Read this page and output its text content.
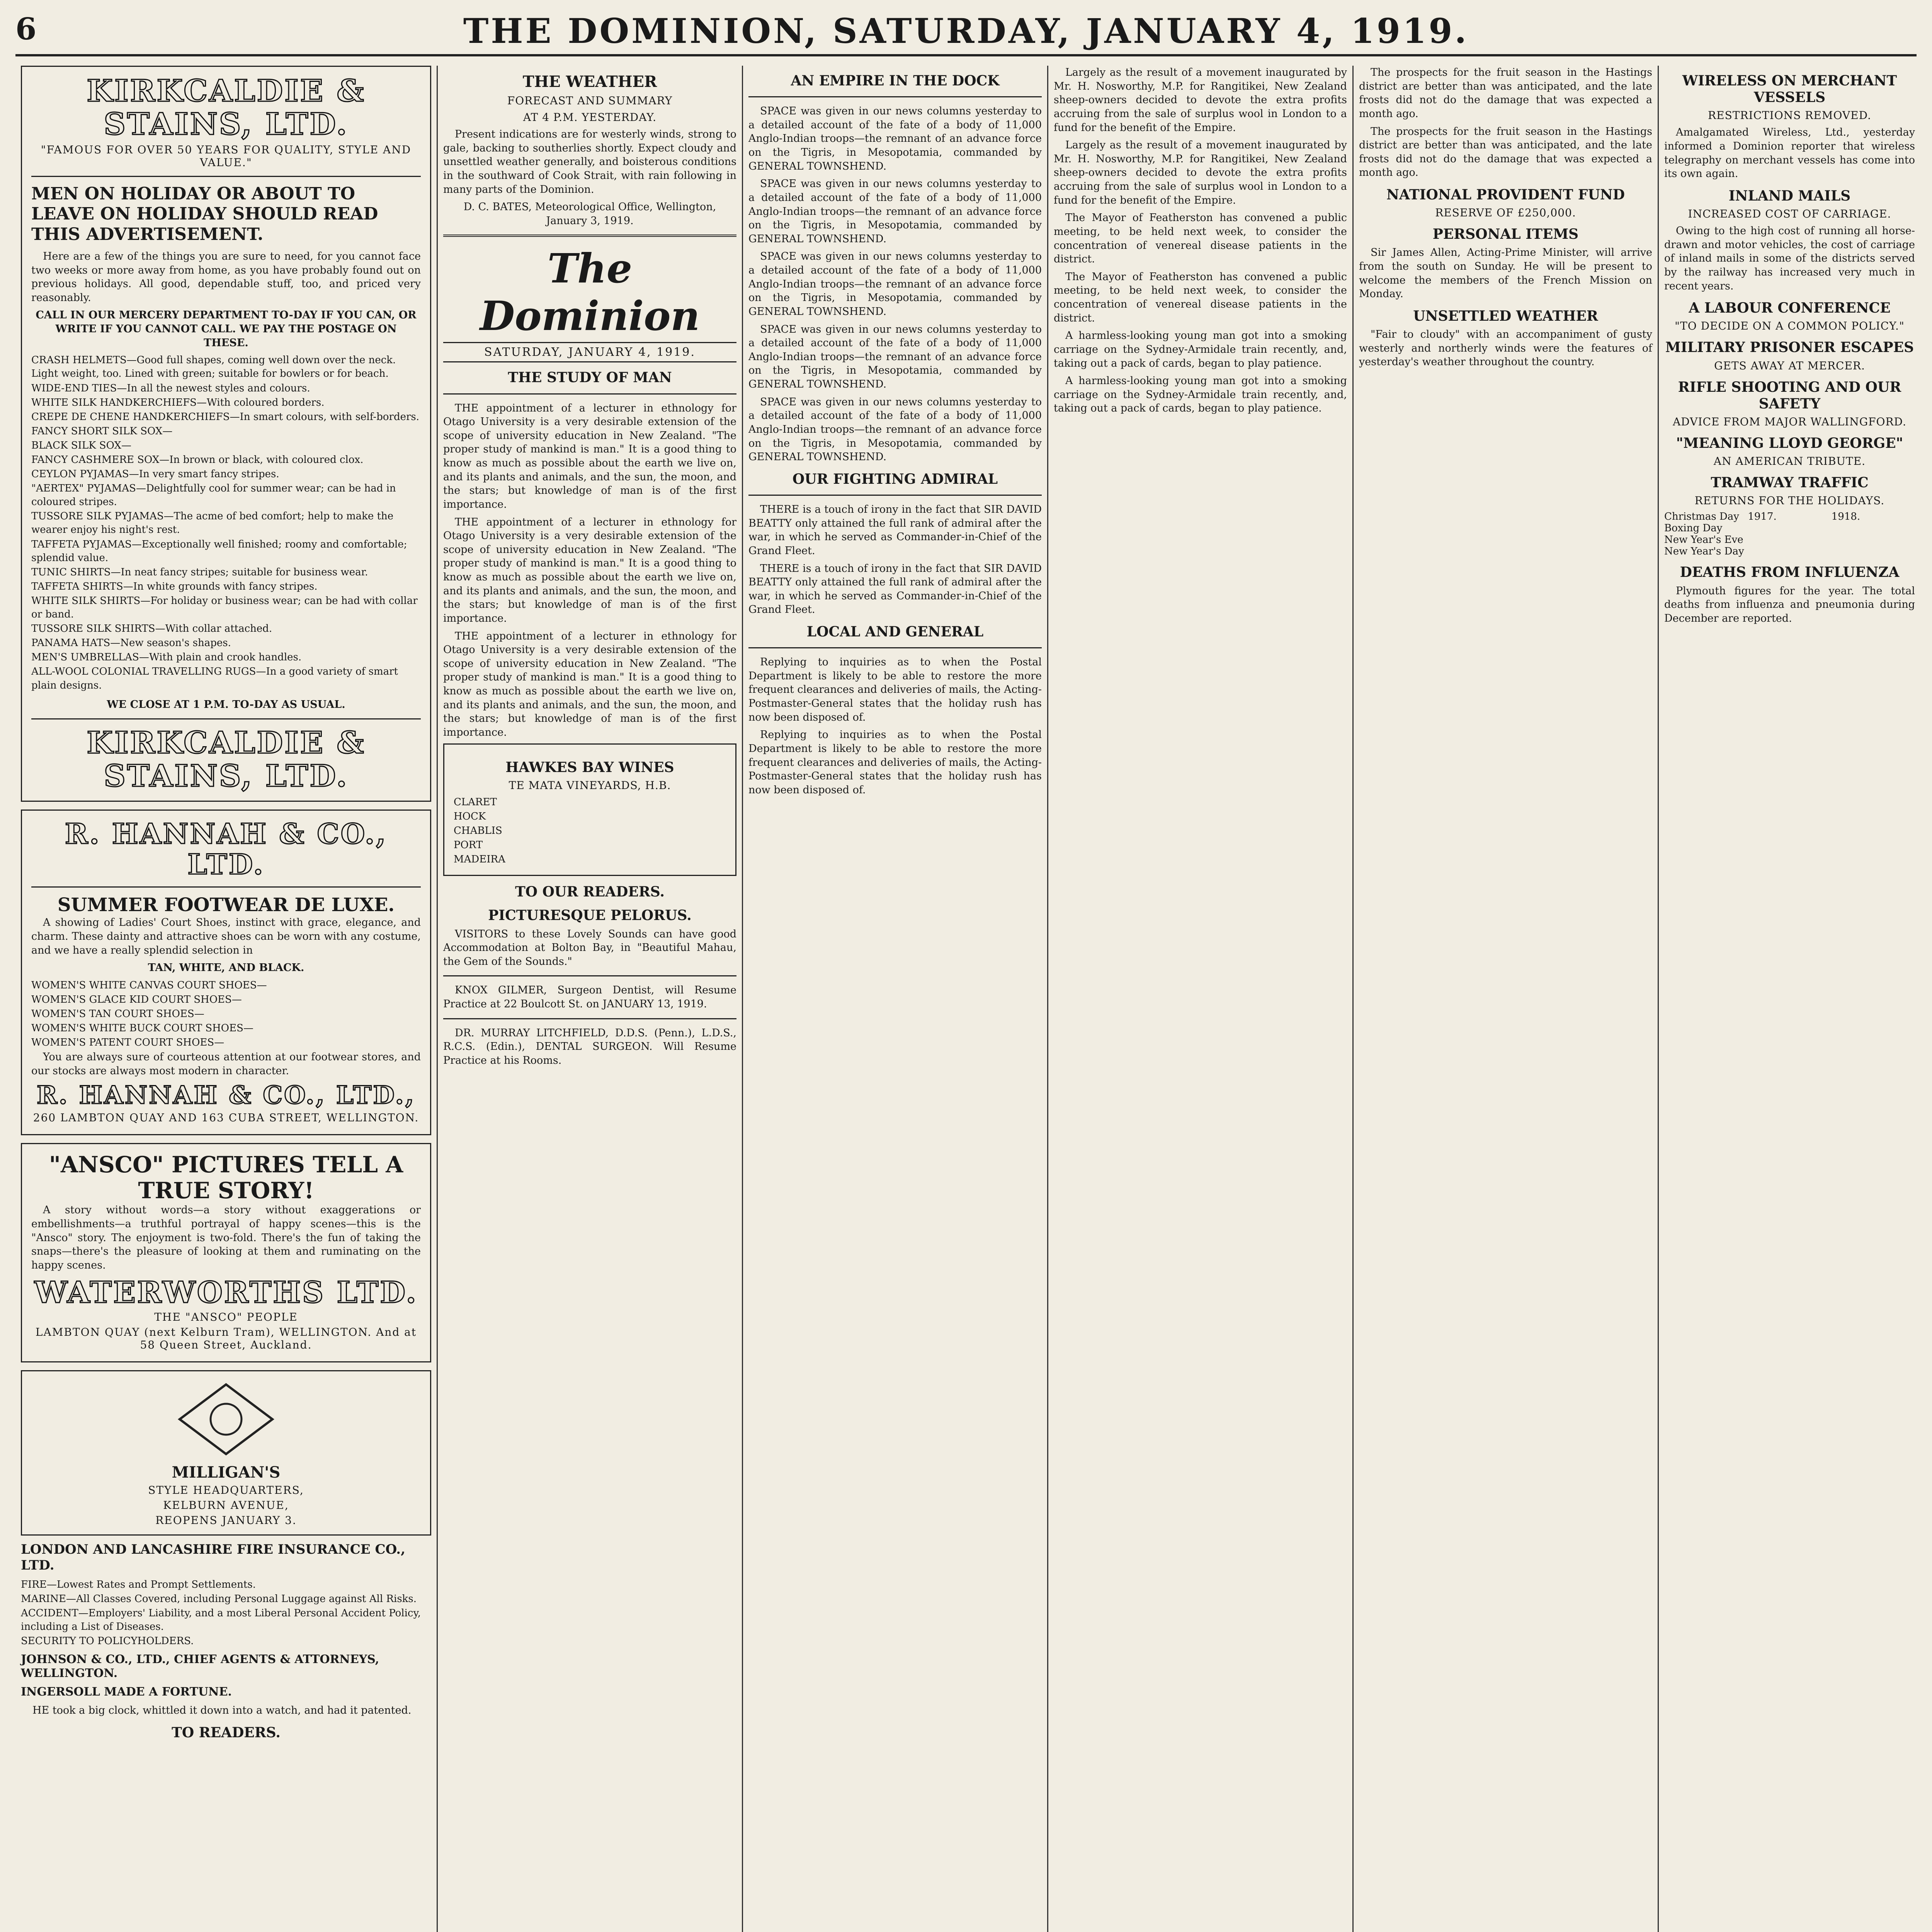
6	THE DOMINION, SATURDAY, JANUARY 4, 1919.
KIRKCALDIE & STAINS, LTD.
"FAMOUS FOR OVER 50 YEARS FOR QUALITY, STYLE AND VALUE."
MEN ON HOLIDAY OR ABOUT TO LEAVE ON HOLIDAY SHOULD READ THIS ADVERTISEMENT.

Here are a few of the things you are sure to need, for you cannot face two weeks or more away from home, as you have probably found out on previous holidays. All good, dependable stuff, too, and priced very reasonably.

CALL IN OUR MERCERY DEPARTMENT TO-DAY IF YOU CAN, OR WRITE IF YOU CANNOT CALL. WE PAY THE POSTAGE ON THESE.

CRASH HELMETS—Good full shapes, coming well down over the neck. Light weight, too. Lined with green; suitable for bowlers or for beach.
WIDE-END TIES—In all the newest styles and colours.
WHITE SILK HANDKERCHIEFS—With coloured borders.
CREPE DE CHENE HANDKERCHIEFS—In smart colours, with self-borders.
FANCY SHORT SILK SOX—
BLACK SILK SOX—
FANCY CASHMERE SOX—In brown or black, with coloured clox.
CEYLON PYJAMAS—In very smart fancy stripes.
"AERTEX" PYJAMAS—Delightfully cool for summer wear; can be had in coloured stripes.
TUSSORE SILK PYJAMAS—The acme of bed comfort; help to make the wearer enjoy his night's rest.
TAFFETA PYJAMAS—Exceptionally well finished; roomy and comfortable; splendid value.
TUNIC SHIRTS—In neat fancy stripes; suitable for business wear.
TAFFETA SHIRTS—In white grounds with fancy stripes.
WHITE SILK SHIRTS—For holiday or business wear; can be had with collar or band.
TUSSORE SILK SHIRTS—With collar attached.
PANAMA HATS—New season's shapes.
MEN'S UMBRELLAS—With plain and crook handles.
ALL-WOOL COLONIAL TRAVELLING RUGS—In a good variety of smart plain designs.

WE CLOSE AT 1 P.M. TO-DAY AS USUAL.

KIRKCALDIE & STAINS, LTD.
R. HANNAH & CO., LTD.
SUMMER FOOTWEAR DE LUXE.

A showing of Ladies' Court Shoes, instinct with grace, elegance, and charm. These dainty and attractive shoes can be worn with any costume, and we have a really splendid selection in

TAN, WHITE, AND BLACK.

WOMEN'S WHITE CANVAS COURT SHOES—
WOMEN'S GLACE KID COURT SHOES—
WOMEN'S TAN COURT SHOES—
WOMEN'S WHITE BUCK COURT SHOES—
WOMEN'S PATENT COURT SHOES—

You are always sure of courteous attention at our footwear stores, and our stocks are always most modern in character.

R. HANNAH & CO., LTD.,
260 LAMBTON QUAY AND 163 CUBA STREET, WELLINGTON.
"ANSCO" PICTURES TELL A TRUE STORY!

A story without words—a story without exaggerations or embellishments—a truthful portrayal of happy scenes—this is the "Ansco" story. The enjoyment is two-fold. There's the fun of taking the snaps—there's the pleasure of looking at them and ruminating on the happy scenes.

WATERWORTHS LTD.
THE "ANSCO" PEOPLE
LAMBTON QUAY (next Kelburn Tram), WELLINGTON. And at 58 Queen Street, Auckland.
MILLIGAN'S
STYLE HEADQUARTERS,
KELBURN AVENUE,
REOPENS JANUARY 3.
LONDON AND LANCASHIRE FIRE INSURANCE CO., LTD.
FIRE—Lowest Rates and Prompt Settlements.
MARINE—All Classes Covered, including Personal Luggage against All Risks.
ACCIDENT—Employers' Liability, and a most Liberal Personal Accident Policy, including a List of Diseases.
SECURITY TO POLICYHOLDERS.
JOHNSON & CO., LTD., CHIEF AGENTS & ATTORNEYS, WELLINGTON.
INGERSOLL MADE A FORTUNE.

HE took a big clock, whittled it down into a watch, and had it patented.

TO READERS.
THE WEATHER
FORECAST AND SUMMARY
AT 4 P.M. YESTERDAY.

Present indications are for westerly winds, strong to gale, backing to southerlies shortly. Expect cloudy and unsettled weather generally, and boisterous conditions in the southward of Cook Strait, with rain following in many parts of the Dominion.

D. C. BATES, Meteorological Office, Wellington, January 3, 1919.

The Dominion
SATURDAY, JANUARY 4, 1919.
THE STUDY OF MAN

THE appointment of a lecturer in ethnology for Otago University is a very desirable extension of the scope of university education in New Zealand. "The proper study of mankind is man." It is a good thing to know as much as possible about the earth we live on, and its plants and animals, and the sun, the moon, and the stars; but knowledge of man is of the first importance.

THE appointment of a lecturer in ethnology for Otago University is a very desirable extension of the scope of university education in New Zealand. "The proper study of mankind is man." It is a good thing to know as much as possible about the earth we live on, and its plants and animals, and the sun, the moon, and the stars; but knowledge of man is of the first importance.

THE appointment of a lecturer in ethnology for Otago University is a very desirable extension of the scope of university education in New Zealand. "The proper study of mankind is man." It is a good thing to know as much as possible about the earth we live on, and its plants and animals, and the sun, the moon, and the stars; but knowledge of man is of the first importance.

HAWKES BAY WINES
TE MATA VINEYARDS, H.B.
CLARET
HOCK
CHABLIS
PORT
MADEIRA
TO OUR READERS.
PICTURESQUE PELORUS.

VISITORS to these Lovely Sounds can have good Accommodation at Bolton Bay, in "Beautiful Mahau, the Gem of the Sounds."

KNOX GILMER, Surgeon Dentist, will Resume Practice at 22 Boulcott St. on JANUARY 13, 1919.

DR. MURRAY LITCHFIELD, D.D.S. (Penn.), L.D.S., R.C.S. (Edin.), DENTAL SURGEON. Will Resume Practice at his Rooms.

AN EMPIRE IN THE DOCK

SPACE was given in our news columns yesterday to a detailed account of the fate of a body of 11,000 Anglo-Indian troops—the remnant of an advance force on the Tigris, in Mesopotamia, commanded by GENERAL TOWNSHEND.

SPACE was given in our news columns yesterday to a detailed account of the fate of a body of 11,000 Anglo-Indian troops—the remnant of an advance force on the Tigris, in Mesopotamia, commanded by GENERAL TOWNSHEND.

SPACE was given in our news columns yesterday to a detailed account of the fate of a body of 11,000 Anglo-Indian troops—the remnant of an advance force on the Tigris, in Mesopotamia, commanded by GENERAL TOWNSHEND.

SPACE was given in our news columns yesterday to a detailed account of the fate of a body of 11,000 Anglo-Indian troops—the remnant of an advance force on the Tigris, in Mesopotamia, commanded by GENERAL TOWNSHEND.

SPACE was given in our news columns yesterday to a detailed account of the fate of a body of 11,000 Anglo-Indian troops—the remnant of an advance force on the Tigris, in Mesopotamia, commanded by GENERAL TOWNSHEND.

OUR FIGHTING ADMIRAL

THERE is a touch of irony in the fact that SIR DAVID BEATTY only attained the full rank of admiral after the war, in which he served as Commander-in-Chief of the Grand Fleet.

THERE is a touch of irony in the fact that SIR DAVID BEATTY only attained the full rank of admiral after the war, in which he served as Commander-in-Chief of the Grand Fleet.

LOCAL AND GENERAL

Replying to inquiries as to when the Postal Department is likely to be able to restore the more frequent clearances and deliveries of mails, the Acting-Postmaster-General states that the holiday rush has now been disposed of.

Replying to inquiries as to when the Postal Department is likely to be able to restore the more frequent clearances and deliveries of mails, the Acting-Postmaster-General states that the holiday rush has now been disposed of.

Largely as the result of a movement inaugurated by Mr. H. Nosworthy, M.P. for Rangitikei, New Zealand sheep-owners decided to devote the extra profits accruing from the sale of surplus wool in London to a fund for the benefit of the Empire.

Largely as the result of a movement inaugurated by Mr. H. Nosworthy, M.P. for Rangitikei, New Zealand sheep-owners decided to devote the extra profits accruing from the sale of surplus wool in London to a fund for the benefit of the Empire.

The Mayor of Featherston has convened a public meeting, to be held next week, to consider the concentration of venereal disease patients in the district.

The Mayor of Featherston has convened a public meeting, to be held next week, to consider the concentration of venereal disease patients in the district.

A harmless-looking young man got into a smoking carriage on the Sydney-Armidale train recently, and, taking out a pack of cards, began to play patience.

A harmless-looking young man got into a smoking carriage on the Sydney-Armidale train recently, and, taking out a pack of cards, began to play patience.

The prospects for the fruit season in the Hastings district are better than was anticipated, and the late frosts did not do the damage that was expected a month ago.

The prospects for the fruit season in the Hastings district are better than was anticipated, and the late frosts did not do the damage that was expected a month ago.

NATIONAL PROVIDENT FUND
RESERVE OF £250,000.
PERSONAL ITEMS

Sir James Allen, Acting-Prime Minister, will arrive from the south on Sunday. He will be present to welcome the members of the French Mission on Monday.

UNSETTLED WEATHER

"Fair to cloudy" with an accompaniment of gusty westerly and northerly winds were the features of yesterday's weather throughout the country.

WIRELESS ON MERCHANT VESSELS
RESTRICTIONS REMOVED.

Amalgamated Wireless, Ltd., yesterday informed a Dominion reporter that wireless telegraphy on merchant vessels has come into its own again.

INLAND MAILS
INCREASED COST OF CARRIAGE.

Owing to the high cost of running all horse-drawn and motor vehicles, the cost of carriage of inland mails in some of the districts served by the railway has increased very much in recent years.

A LABOUR CONFERENCE
"TO DECIDE ON A COMMON POLICY."
MILITARY PRISONER ESCAPES
GETS AWAY AT MERCER.
RIFLE SHOOTING AND OUR SAFETY
ADVICE FROM MAJOR WALLINGFORD.
"MEANING LLOYD GEORGE"
AN AMERICAN TRIBUTE.
TRAMWAY TRAFFIC
RETURNS FOR THE HOLIDAYS.
Christmas Day 1917.	1918.
Boxing Day
New Year's Eve
New Year's Day
DEATHS FROM INFLUENZA

Plymouth figures for the year. The total deaths from influenza and pneumonia during December are reported.
